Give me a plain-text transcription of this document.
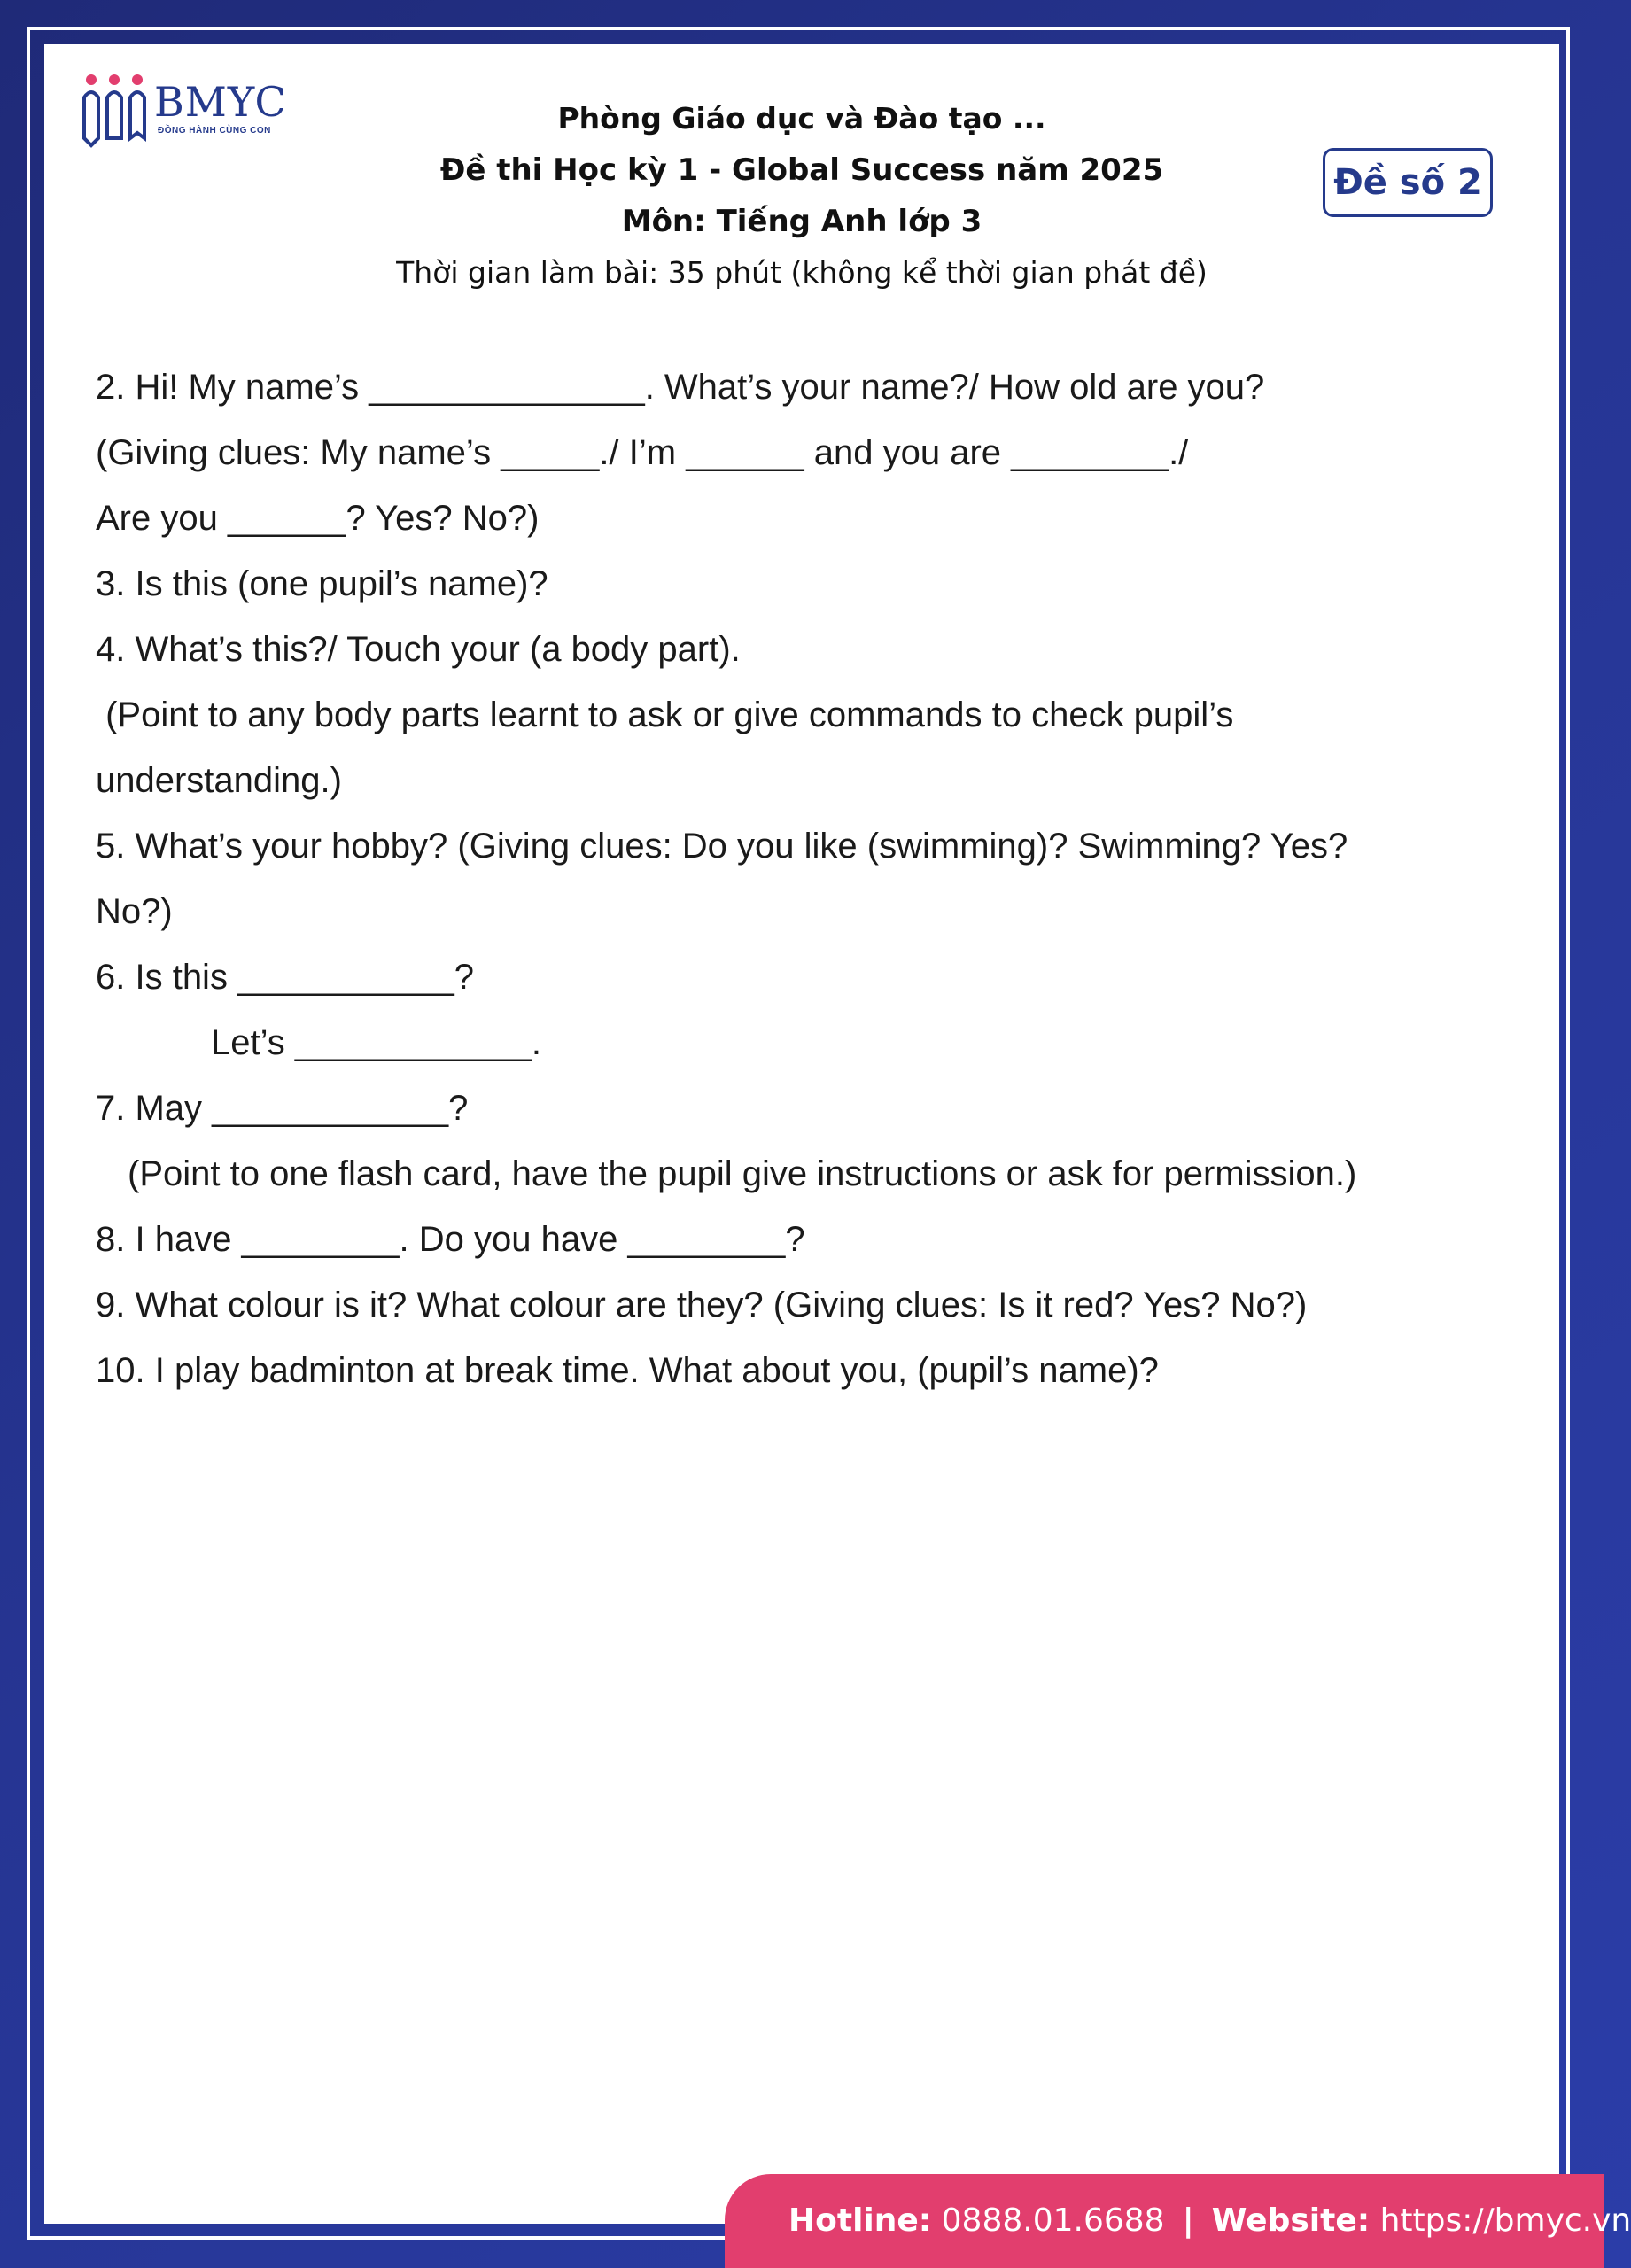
BMYC
ĐỒNG HÀNH CÙNG CON	Phòng Giáo dục và Đào tạo ...
Đề thi Học kỳ 1 - Global Success năm 2025
Môn: Tiếng Anh lớp 3
Thời gian làm bài: 35 phút (không kể thời gian phát đề)
Đề số 2
2. Hi! My name’s ______________. What’s your name?/ How old are you?
(Giving clues: My name’s _____./ I’m ______ and you are ________./
Are you ______? Yes? No?)
3. Is this (one pupil’s name)?
4. What’s this?/ Touch your (a body part).
(Point to any body parts learnt to ask or give commands to check pupil’s
understanding.)
5. What’s your hobby? (Giving clues: Do you like (swimming)? Swimming? Yes?
No?)
6. Is this ___________?
Let’s ____________.
7. May ____________?
(Point to one flash card, have the pupil give instructions or ask for permission.)
8. I have ________. Do you have ________?
9. What colour is it? What colour are they? (Giving clues: Is it red? Yes? No?)
10. I play badminton at break time. What about you, (pupil’s name)?
Hotline: 0888.01.6688 | Website: https://bmyc.vn
